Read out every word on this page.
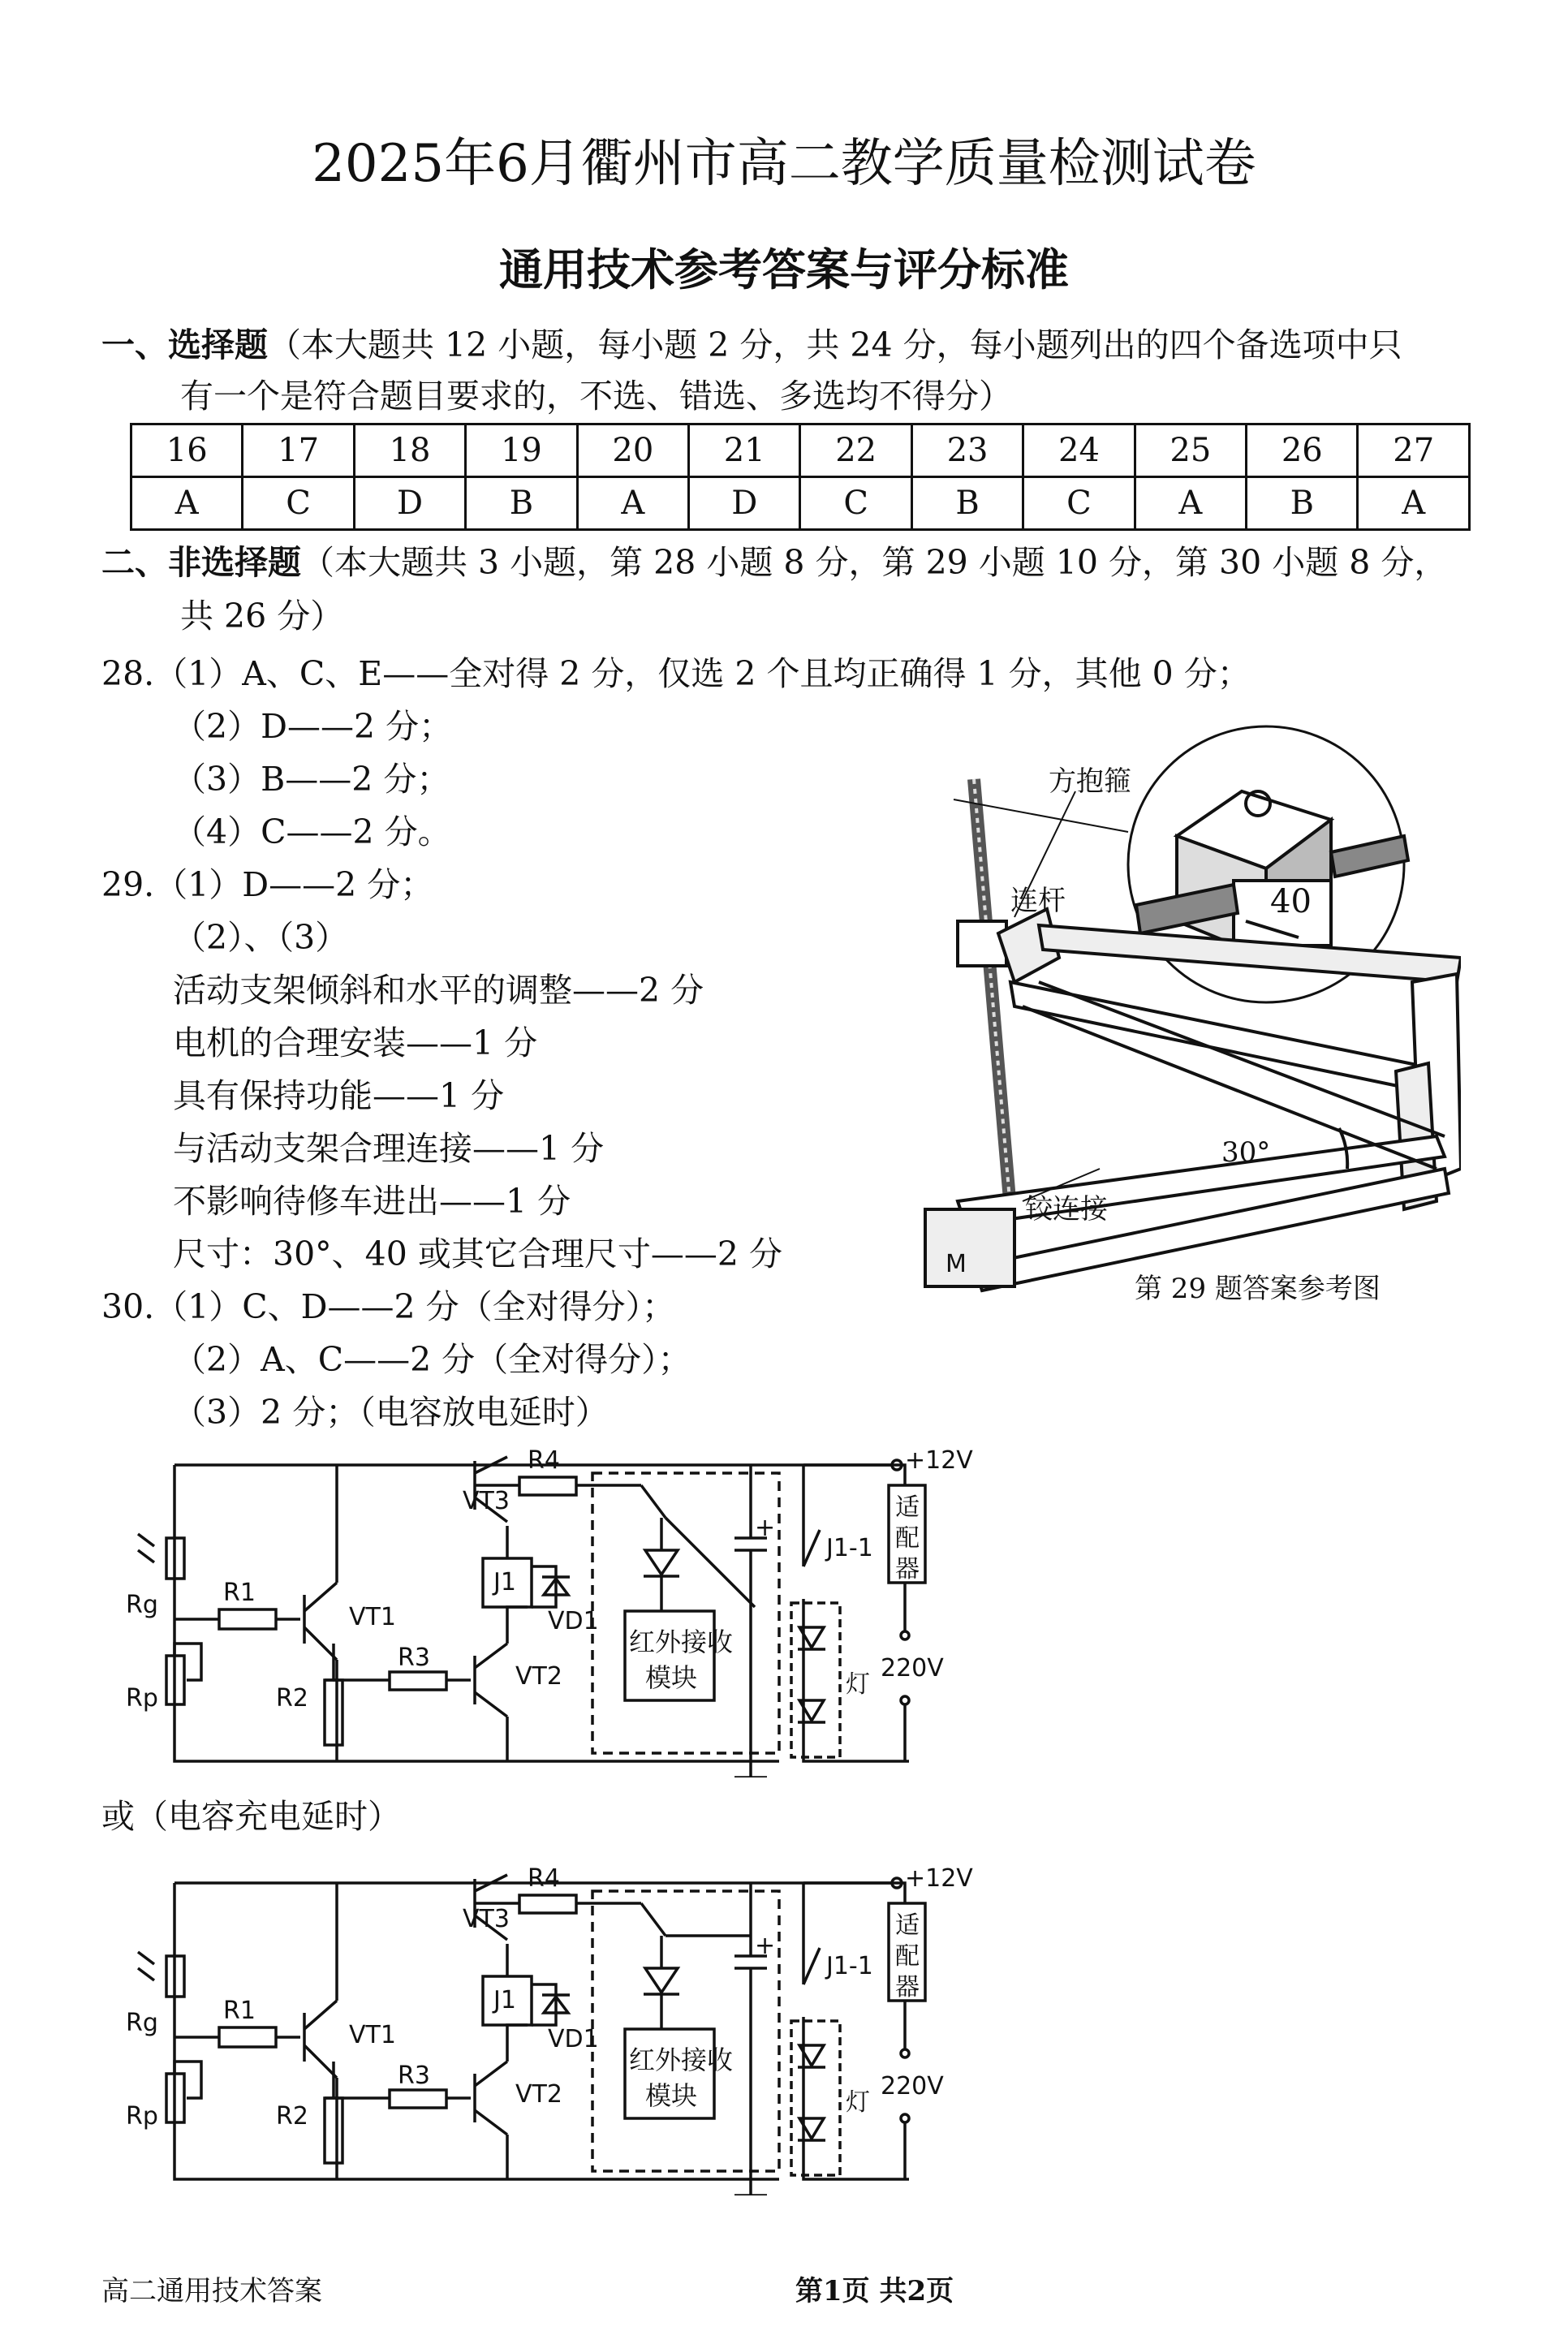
2025年6月衢州市高二教学质量检测试卷
通用技术参考答案与评分标准
一、选择题（本大题共 12 小题，每小题 2 分，共 24 分，每小题列出的四个备选项中只
有一个是符合题目要求的，不选、错选、多选均不得分）
16	17	18	19	20	21	22	23	24	25	26	27
A	C	D	B	A	D	C	B	C	A	B	A
二、非选择题（本大题共 3 小题，第 28 小题 8 分，第 29 小题 10 分，第 30 小题 8 分，
共 26 分）
28.（1）A、C、E——全对得 2 分，仅选 2 个且均正确得 1 分，其他 0 分；
（2）D——2 分；
（3）B——2 分；
（4）C——2 分。
29.（1）D——2 分；
（2）、（3）
活动支架倾斜和水平的调整——2 分
电机的合理安装——1 分
具有保持功能——1 分
与活动支架合理连接——1 分
不影响待修车进出——1 分
尺寸：30°、40 或其它合理尺寸——2 分
30.（1）C、D——2 分（全对得分）；
（2）A、C——2 分（全对得分）；
（3）2 分；（电容放电延时）
方抱箍
连杆
铰连接
30°
40
M
第 29 题答案参考图
+12V
Rg
Rp
R1
R2
R3
R4
VT1
VT2
VT3
J1
VD1
J1-1
红外接收
模块
适
配
器
灯
220V
+
或（电容充电延时）
+12V
Rg
Rp
R1
R2
R3
R4
VT1
VT2
VT3
J1
VD1
J1-1
红外接收
模块
适
配
器
灯
220V
+
高二通用技术答案	第1页 共2页
